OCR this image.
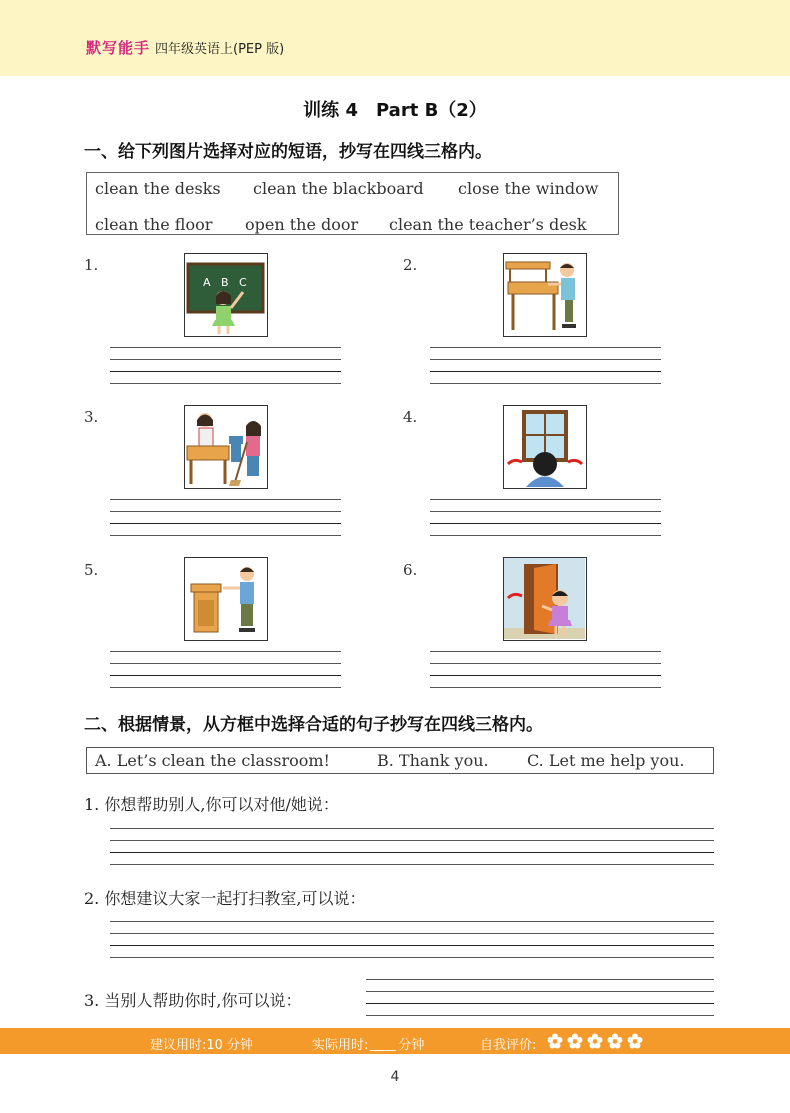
默写能手 四年级英语上(PEP 版)
训练 4　Part B（2）
一、给下列图片选择对应的短语，抄写在四线三格内。
clean the desks clean the blackboard close the window
clean the floor open the door clean the teacher’s desk
1.
A B C
2.
3.	4.
5.	6.
二、根据情景，从方框中选择合适的句子抄写在四线三格内。
A. Let’s clean the classroom!	B. Thank you. C. Let me help you.
1. 你想帮助别人,你可以对他/她说：
2. 你想建议大家一起打扫教室,可以说：
3. 当别人帮助你时,你可以说：
建议用时:10 分钟	实际用时: 分钟	自我评价:
4
